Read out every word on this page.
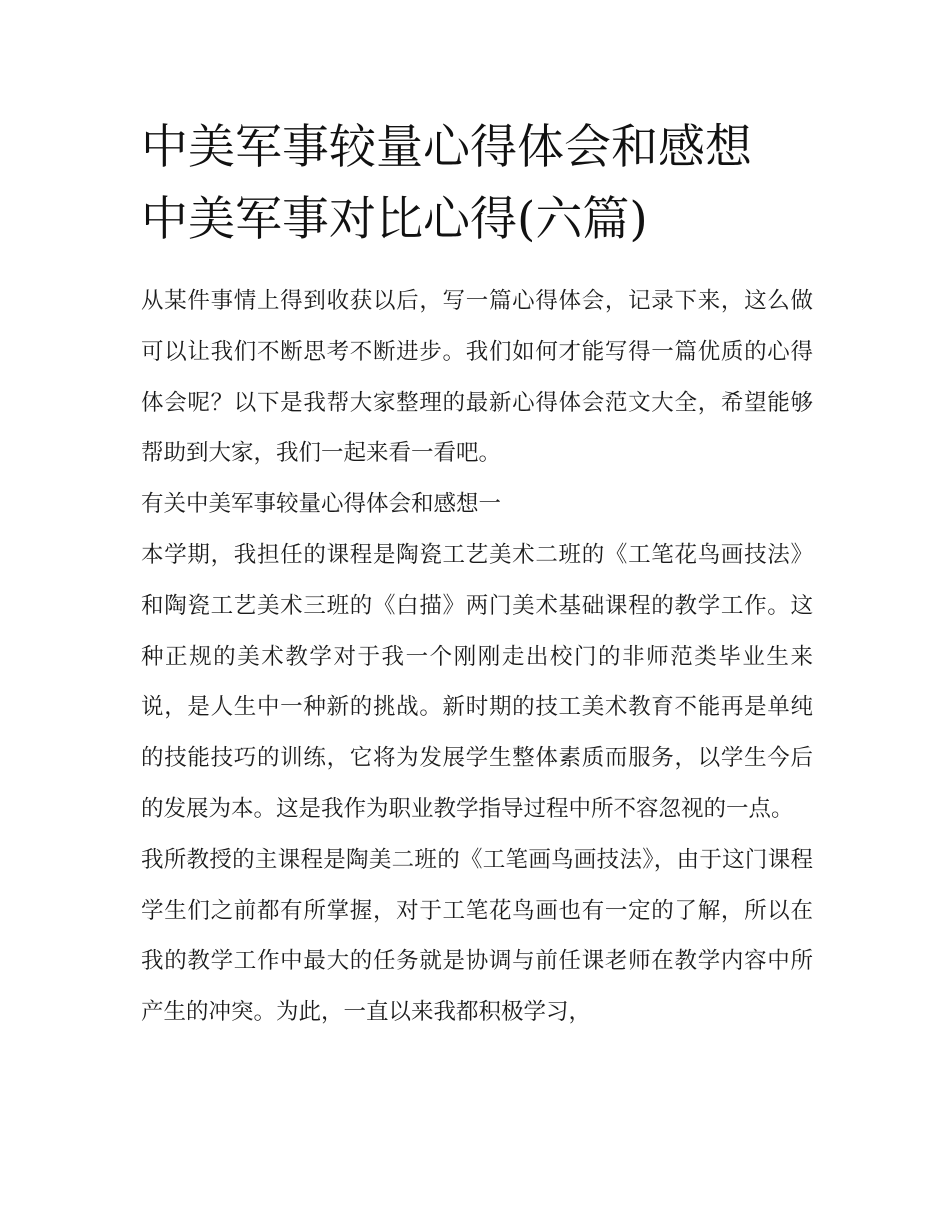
中美军事较量心得体会和感想
中美军事对比心得(六篇)

从某件事情上得到收获以后，写一篇心得体会，记录下来，这么做可以让我们不断思考不断进步。我们如何才能写得一篇优质的心得体会呢？以下是我帮大家整理的最新心得体会范文大全，希望能够帮助到大家，我们一起来看一看吧。

有关中美军事较量心得体会和感想一

本学期，我担任的课程是陶瓷工艺美术二班的《工笔花鸟画技法》和陶瓷工艺美术三班的《白描》两门美术基础课程的教学工作。这种正规的美术教学对于我一个刚刚走出校门的非师范类毕业生来说，是人生中一种新的挑战。新时期的技工美术教育不能再是单纯的技能技巧的训练，它将为发展学生整体素质而服务，以学生今后的发展为本。这是我作为职业教学指导过程中所不容忽视的一点。

我所教授的主课程是陶美二班的《工笔画鸟画技法》，由于这门课程学生们之前都有所掌握，对于工笔花鸟画也有一定的了解，所以在我的教学工作中最大的任务就是协调与前任课老师在教学内容中所产生的冲突。为此，一直以来我都积极学习，
